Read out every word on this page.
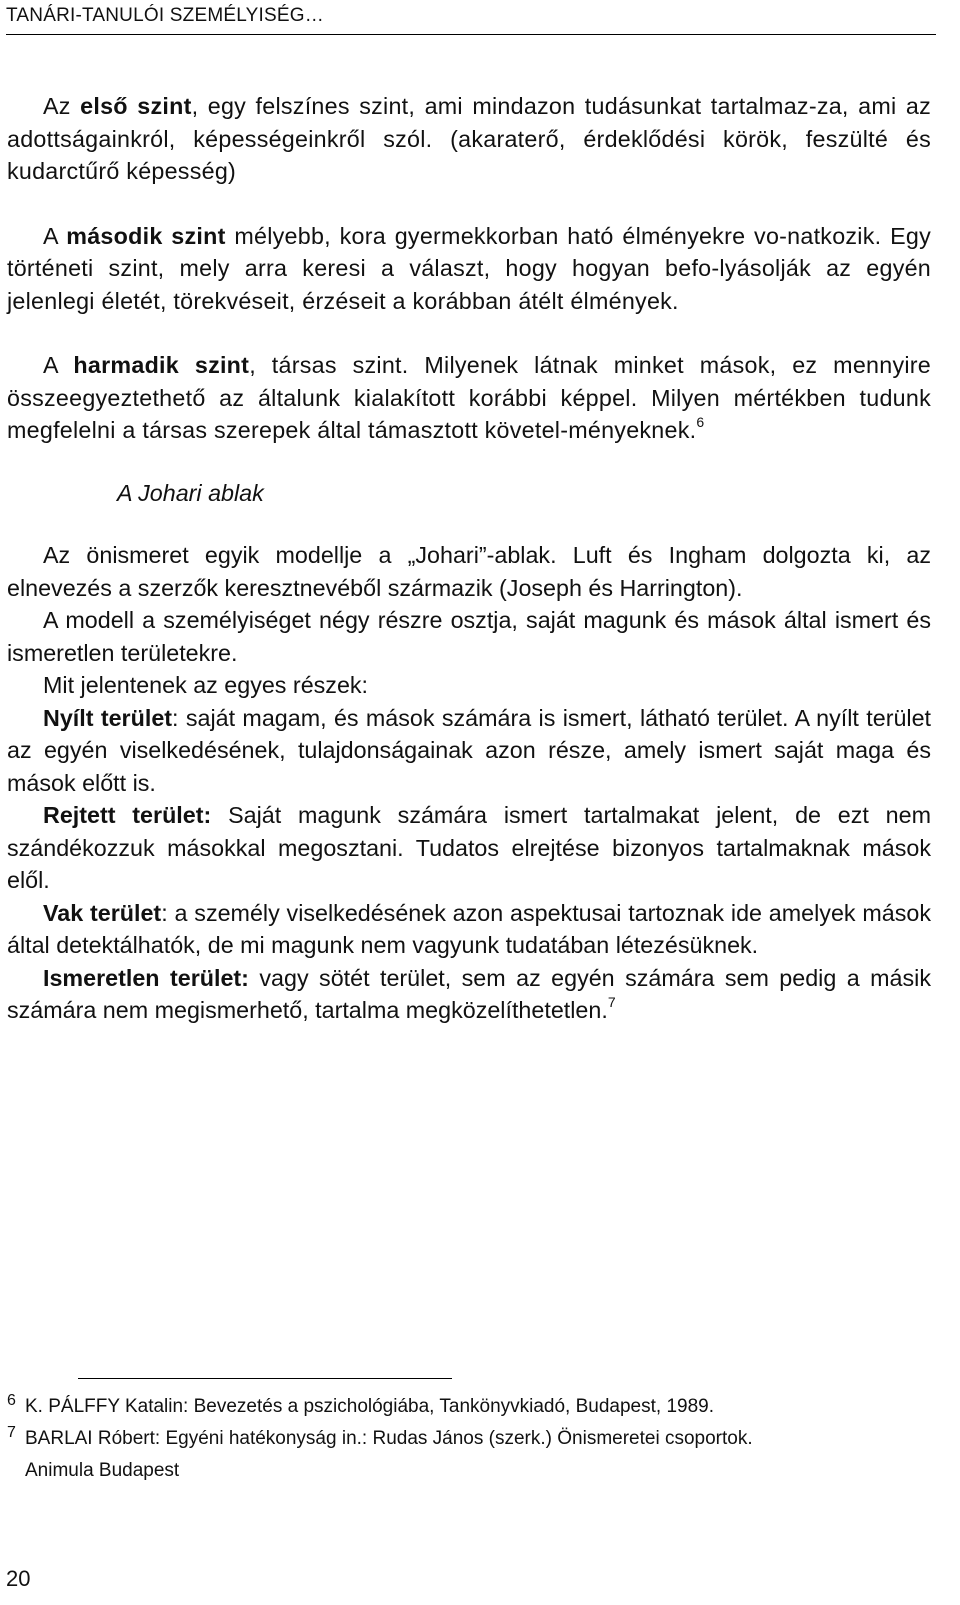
TANÁRI-TANULÓI SZEMÉLYISÉG…

Az első szint, egy felszínes szint, ami mindazon tudásunkat tartalmaz-za, ami az adottságainkról, képességeinkről szól. (akaraterő, érdeklődési körök, feszülté és kudarctűrő képesség)

A második szint mélyebb, kora gyermekkorban ható élményekre vo-natkozik. Egy történeti szint, mely arra keresi a választ, hogy hogyan befo-lyásolják az egyén jelenlegi életét, törekvéseit, érzéseit a korábban átélt élmények.

A harmadik szint, társas szint. Milyenek látnak minket mások, ez mennyire összeegyeztethető az általunk kialakított korábbi képpel. Milyen mértékben tudunk megfelelni a társas szerepek által támasztott követel-ményeknek.$^6$

A Johari ablak

Az önismeret egyik modellje a „Johari”-ablak. Luft és Ingham dolgozta ki, az elnevezés a szerzők keresztnevéből származik (Joseph és Harrington).

A modell a személyiséget négy részre osztja, saját magunk és mások által ismert és ismeretlen területekre.

Mit jelentenek az egyes részek:

Nyílt terület: saját magam, és mások számára is ismert, látható terület. A nyílt terület az egyén viselkedésének, tulajdonságainak azon része, amely ismert saját maga és mások előtt is.

Rejtett terület: Saját magunk számára ismert tartalmakat jelent, de ezt nem szándékozzuk másokkal megosztani. Tudatos elrejtése bizonyos tartalmaknak mások elől.

Vak terület: a személy viselkedésének azon aspektusai tartoznak ide amelyek mások által detektálhatók, de mi magunk nem vagyunk tudatában létezésüknek.

Ismeretlen terület: vagy sötét terület, sem az egyén számára sem pedig a másik számára nem megismerhető, tartalma megközelíthetetlen.$^7$

6 K. PÁLFFY Katalin: Bevezetés a pszichológiába, Tankönyvkiadó, Budapest, 1989.
7 BARLAI Róbert: Egyéni hatékonyság in.: Rudas János (szerk.) Önismeretei csoportok.
Animula Budapest
20
